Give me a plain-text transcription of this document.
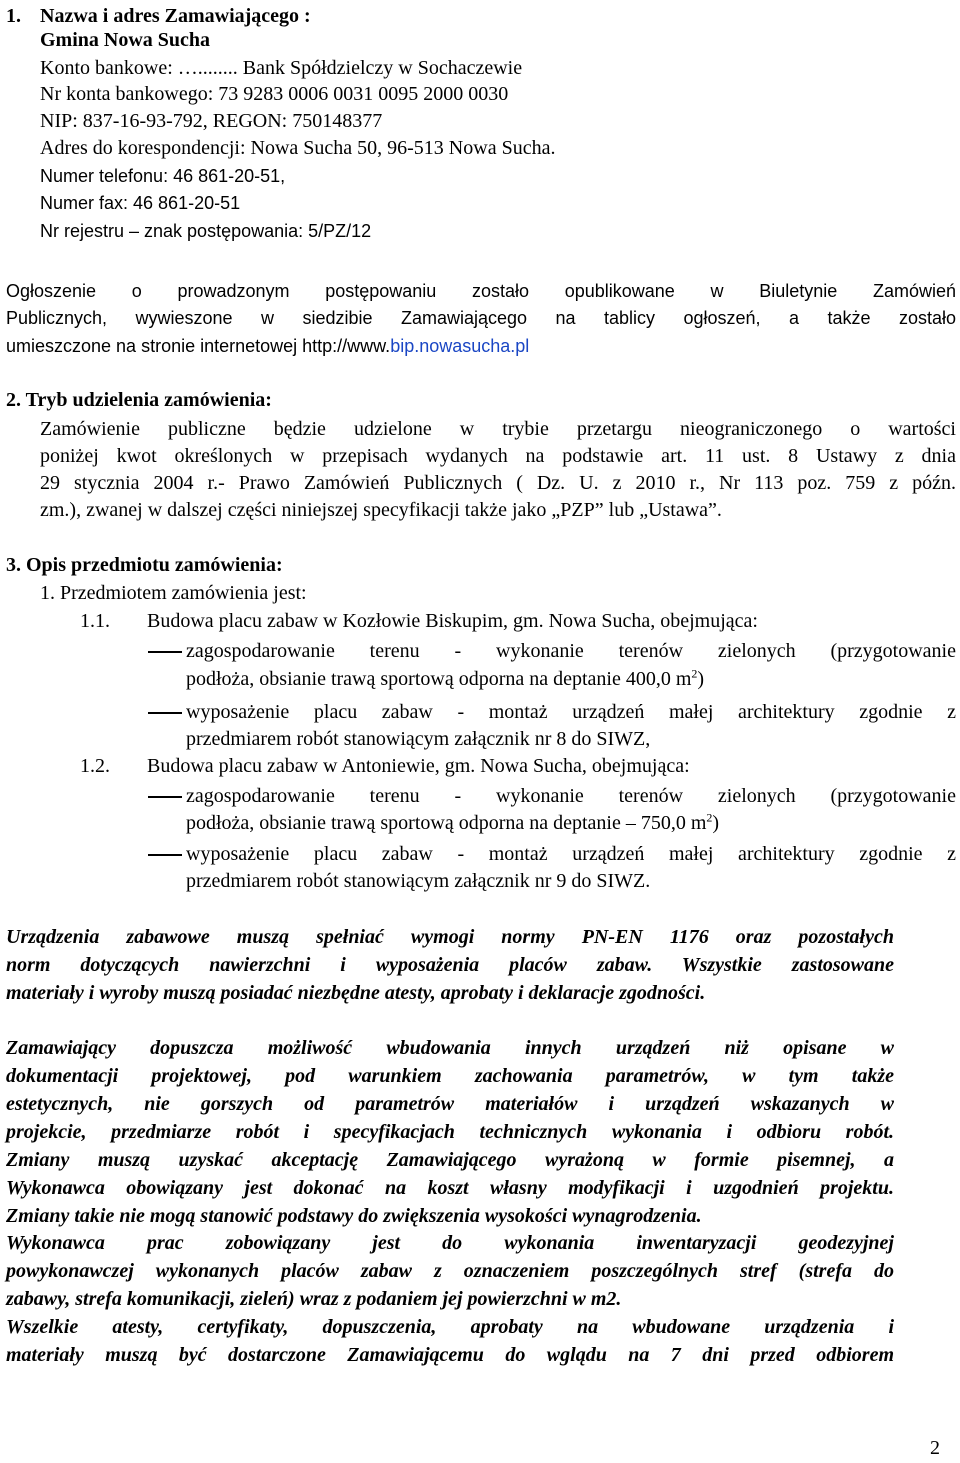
1. Nazwa i adres Zamawiającego :
Gmina Nowa Sucha
Konto bankowe: …........ Bank Spółdzielczy w Sochaczewie
Nr konta bankowego: 73 9283 0006 0031 0095 2000 0030
NIP: 837-16-93-792, REGON: 750148377
Adres do korespondencji: Nowa Sucha 50, 96-513 Nowa Sucha.
Numer telefonu: 46 861-20-51,
Numer fax: 46 861-20-51
Nr rejestru – znak postępowania: 5/PZ/12
Ogłoszenie o prowadzonym postępowaniu zostało opublikowane w Biuletynie Zamówień
Publicznych, wywieszone w siedzibie Zamawiającego na tablicy ogłoszeń, a także zostało
umieszczone na stronie internetowej http://www.bip.nowasucha.pl
2. Tryb udzielenia zamówienia:
Zamówienie publiczne będzie udzielone w trybie przetargu nieograniczonego o wartości
poniżej kwot określonych w przepisach wydanych na podstawie art. 11 ust. 8 Ustawy z dnia
29 stycznia 2004 r.- Prawo Zamówień Publicznych ( Dz. U. z 2010 r., Nr 113 poz. 759 z późn.
zm.), zwanej w dalszej części niniejszej specyfikacji także jako „PZP” lub „Ustawa”.
3. Opis przedmiotu zamówienia:
1. Przedmiotem zamówienia jest:
1.1. Budowa placu zabaw w Kozłowie Biskupim, gm. Nowa Sucha, obejmująca:
zagospodarowanie terenu - wykonanie terenów zielonych (przygotowanie
podłoża, obsianie trawą sportową odporna na deptanie 400,0 $m^2$)
wyposażenie placu zabaw - montaż urządzeń małej architektury zgodnie z
przedmiarem robót stanowiącym załącznik nr 8 do SIWZ,
1.2. Budowa placu zabaw w Antoniewie, gm. Nowa Sucha, obejmująca:
zagospodarowanie terenu - wykonanie terenów zielonych (przygotowanie
podłoża, obsianie trawą sportową odporna na deptanie – 750,0 $m^2$)
wyposażenie placu zabaw - montaż urządzeń małej architektury zgodnie z
przedmiarem robót stanowiącym załącznik nr 9 do SIWZ.
Urządzenia zabawowe muszą spełniać wymogi normy PN-EN 1176 oraz pozostałych
norm dotyczących nawierzchni i wyposażenia placów zabaw. Wszystkie zastosowane
materiały i wyroby muszą posiadać niezbędne atesty, aprobaty i deklaracje zgodności.
Zamawiający dopuszcza możliwość wbudowania innych urządzeń niż opisane w
dokumentacji projektowej, pod warunkiem zachowania parametrów, w tym także
estetycznych, nie gorszych od parametrów materiałów i urządzeń wskazanych w
projekcie, przedmiarze robót i specyfikacjach technicznych wykonania i odbioru robót.
Zmiany muszą uzyskać akceptację Zamawiającego wyrażoną w formie pisemnej, a
Wykonawca obowiązany jest dokonać na koszt własny modyfikacji i uzgodnień projektu.
Zmiany takie nie mogą stanowić podstawy do zwiększenia wysokości wynagrodzenia.
Wykonawca prac zobowiązany jest do wykonania inwentaryzacji geodezyjnej
powykonawczej wykonanych placów zabaw z oznaczeniem poszczególnych stref (strefa do
zabawy, strefa komunikacji, zieleń) wraz z podaniem jej powierzchni w m2.
Wszelkie atesty, certyfikaty, dopuszczenia, aprobaty na wbudowane urządzenia i
materiały muszą być dostarczone Zamawiającemu do wglądu na 7 dni przed odbiorem
2
